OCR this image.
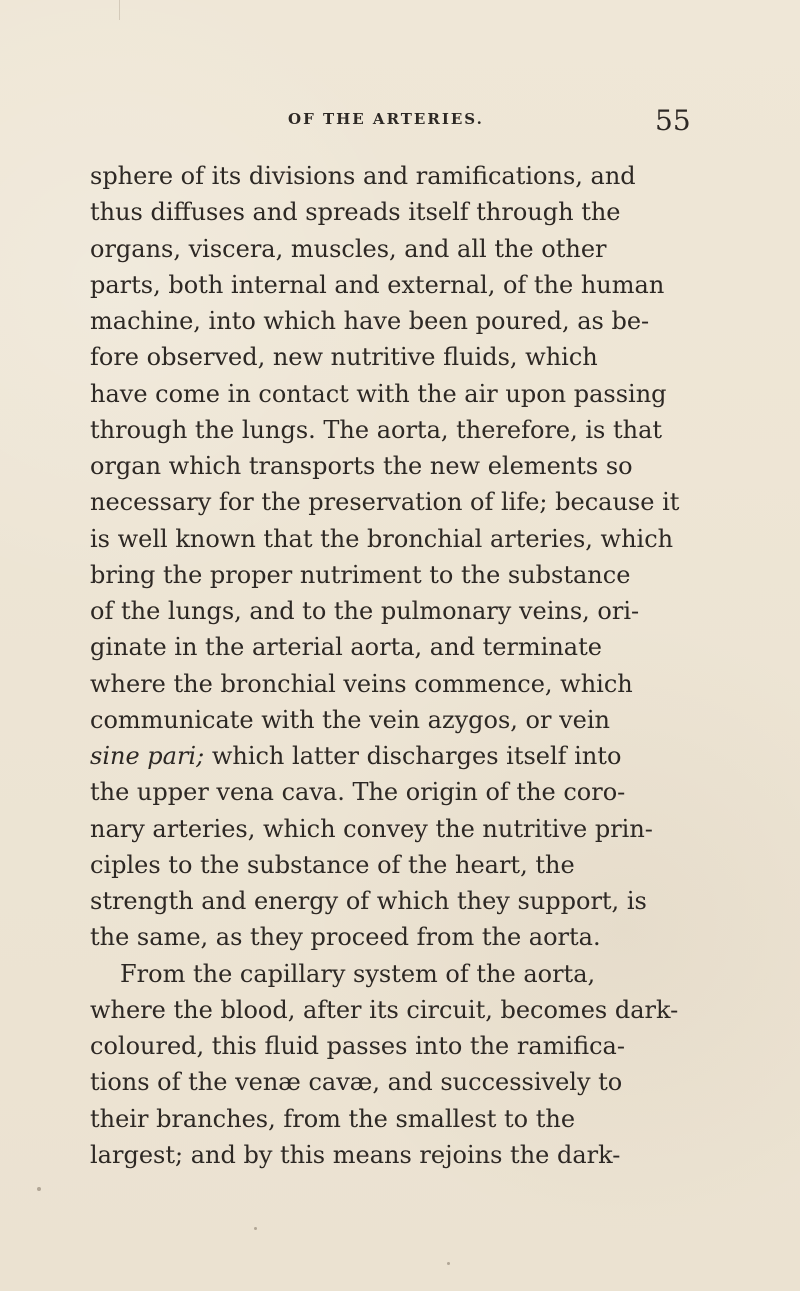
OF THE ARTERIES.	55
sphere of its divisions and ramifications, and
thus diffuses and spreads itself through the
organs, viscera, muscles, and all the other
parts, both internal and external, of the human
machine, into which have been poured, as be-
fore observed, new nutritive fluids, which
have come in contact with the air upon passing
through the lungs. The aorta, therefore, is that
organ which transports the new elements so
necessary for the preservation of life; because it
is well known that the bronchial arteries, which
bring the proper nutriment to the substance
of the lungs, and to the pulmonary veins, ori-
ginate in the arterial aorta, and terminate
where the bronchial veins commence, which
communicate with the vein azygos, or vein
sine pari; which latter discharges itself into
the upper vena cava. The origin of the coro-
nary arteries, which convey the nutritive prin-
ciples to the substance of the heart, the
strength and energy of which they support, is
the same, as they proceed from the aorta.
From the capillary system of the aorta,
where the blood, after its circuit, becomes dark-
coloured, this fluid passes into the ramifica-
tions of the venæ cavæ, and successively to
their branches, from the smallest to the
largest; and by this means rejoins the dark-
